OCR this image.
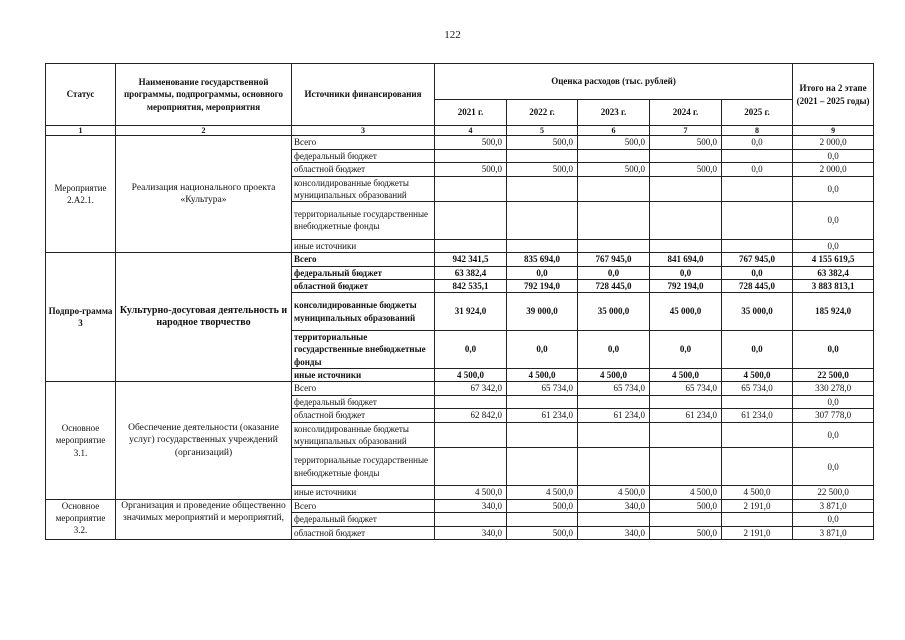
122
Статус	Наименование государственной программы, подпрограммы, основного мероприятия, мероприятия	Источники финансирования	Оценка расходов (тыс. рублей)					Итого на 2 этапе (2021 – 2025 годы)
			2021 г.	2022 г.	2023 г.	2024 г.	2025 г.	
1	2	3	4	5	6	7	8	9
Мероприятие 2.А2.1.	Реализация национального проекта «Культура»	Всего	500,0	500,0	500,0	500,0	0,0	2 000,0
		федеральный бюджет						0,0
		областной бюджет	500,0	500,0	500,0	500,0	0,0	2 000,0
		консолидированные бюджеты муниципальных образований						0,0
		территориальные государственные внебюджетные фонды						0,0
		иные источники						0,0
Подпро-грамма 3	Культурно-досуговая деятельность и народное творчество	Всего	942 341,5	835 694,0	767 945,0	841 694,0	767 945,0	4 155 619,5
		федеральный бюджет	63 382,4	0,0	0,0	0,0	0,0	63 382,4
		областной бюджет	842 535,1	792 194,0	728 445,0	792 194,0	728 445,0	3 883 813,1
		консолидированные бюджеты муниципальных образований	31 924,0	39 000,0	35 000,0	45 000,0	35 000,0	185 924,0
		территориальные государственные внебюджетные фонды	0,0	0,0	0,0	0,0	0,0	0,0
		иные источники	4 500,0	4 500,0	4 500,0	4 500,0	4 500,0	22 500,0
Основное мероприятие 3.1.	Обеспечение деятельности (оказание услуг) государственных учреждений (организаций)	Всего	67 342,0	65 734,0	65 734,0	65 734,0	65 734,0	330 278,0
		федеральный бюджет						0,0
		областной бюджет	62 842,0	61 234,0	61 234,0	61 234,0	61 234,0	307 778,0
		консолидированные бюджеты муниципальных образований						0,0
		территориальные государственные внебюджетные фонды						0,0
		иные источники	4 500,0	4 500,0	4 500,0	4 500,0	4 500,0	22 500,0
Основное мероприятие 3.2.	Организация и проведение общественно значимых мероприятий и мероприятий,	Всего	340,0	500,0	340,0	500,0	2 191,0	3 871,0
		федеральный бюджет						0,0
		областной бюджет	340,0	500,0	340,0	500,0	2 191,0	3 871,0
